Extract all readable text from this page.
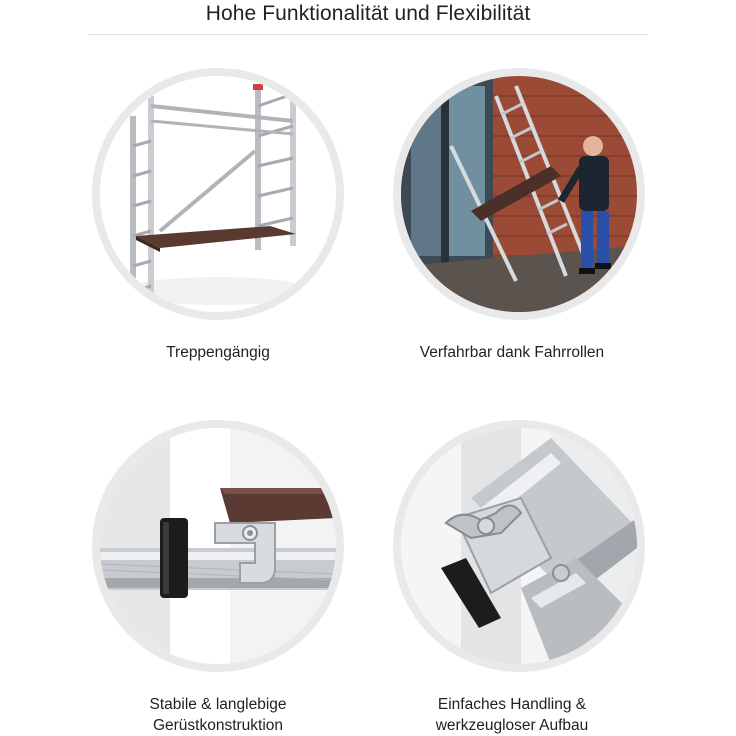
Hohe Funktionalität und Flexibilität
Treppengängig	Verfahrbar dank Fahrrollen
Stabile & langlebige
Gerüstkonstruktion
Einfaches Handling &
werkzeugloser Aufbau
